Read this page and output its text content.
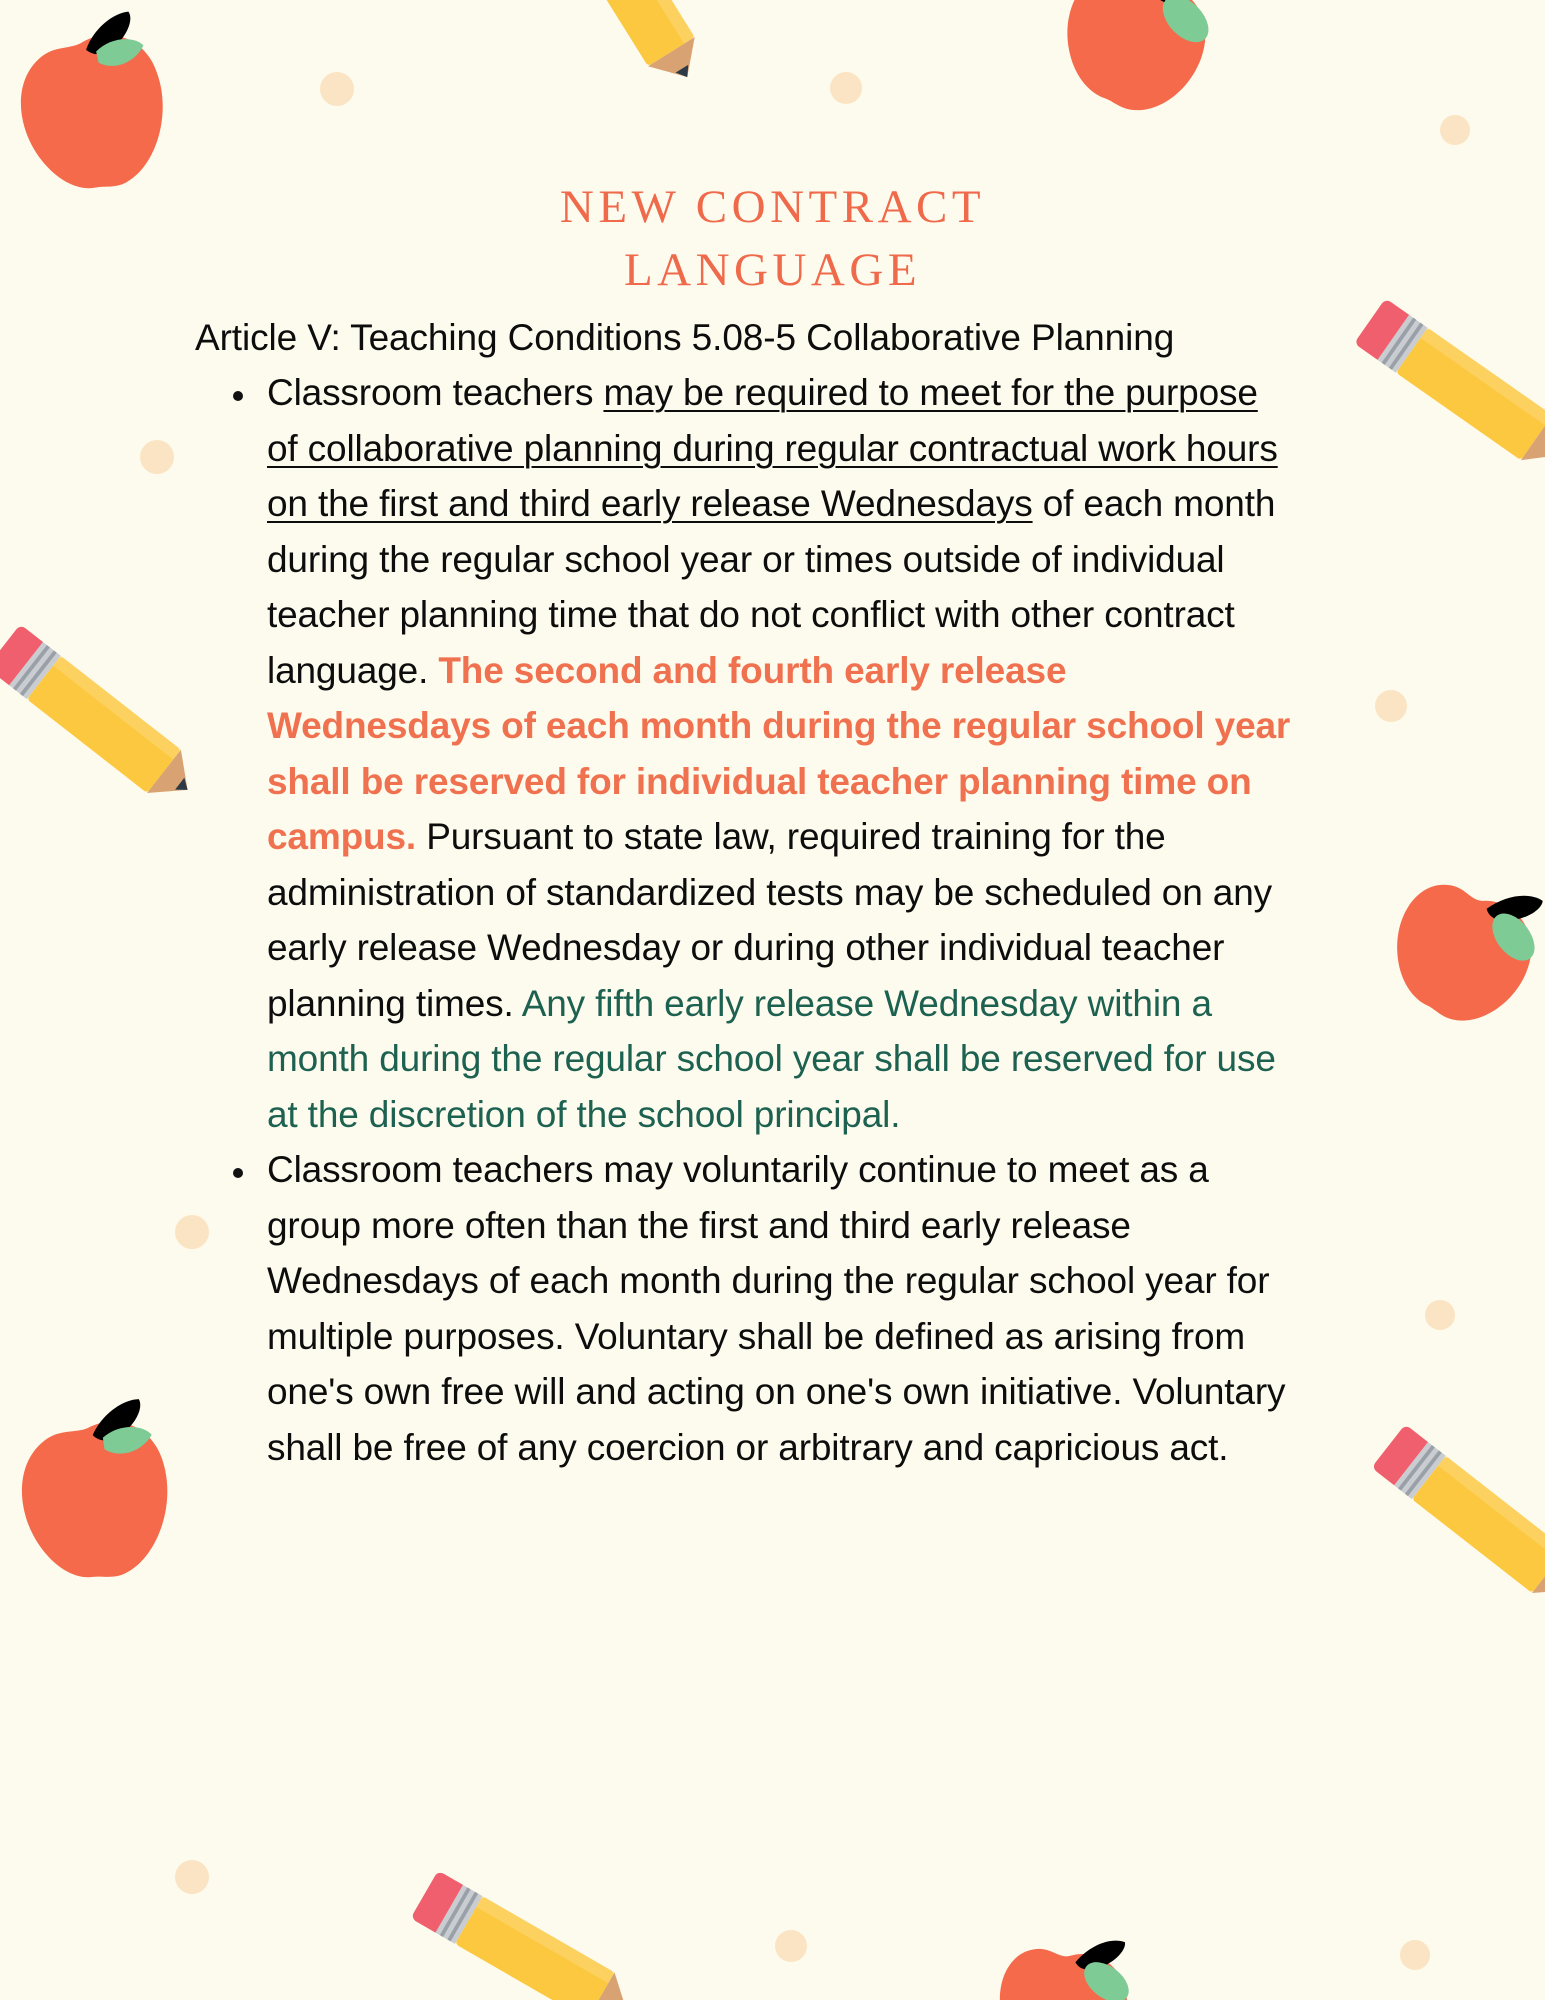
NEW CONTRACT
LANGUAGE

Article V: Teaching Conditions 5.08-5 Collaborative Planning

Classroom teachers may be required to meet for the purpose of collaborative planning during regular contractual work hours on the first and third early release Wednesdays of each month during the regular school year or times outside of individual teacher planning time that do not conflict with other contract language. The second and fourth early release Wednesdays of each month during the regular school year shall be reserved for individual teacher planning time on campus. Pursuant to state law, required training for the administration of standardized tests may be scheduled on any early release Wednesday or during other individual teacher planning times. Any fifth early release Wednesday within a month during the regular school year shall be reserved for use at the discretion of the school principal.
Classroom teachers may voluntarily continue to meet as a group more often than the first and third early release Wednesdays of each month during the regular school year for multiple purposes. Voluntary shall be defined as arising from one's own free will and acting on one's own initiative. Voluntary shall be free of any coercion or arbitrary and capricious act.
